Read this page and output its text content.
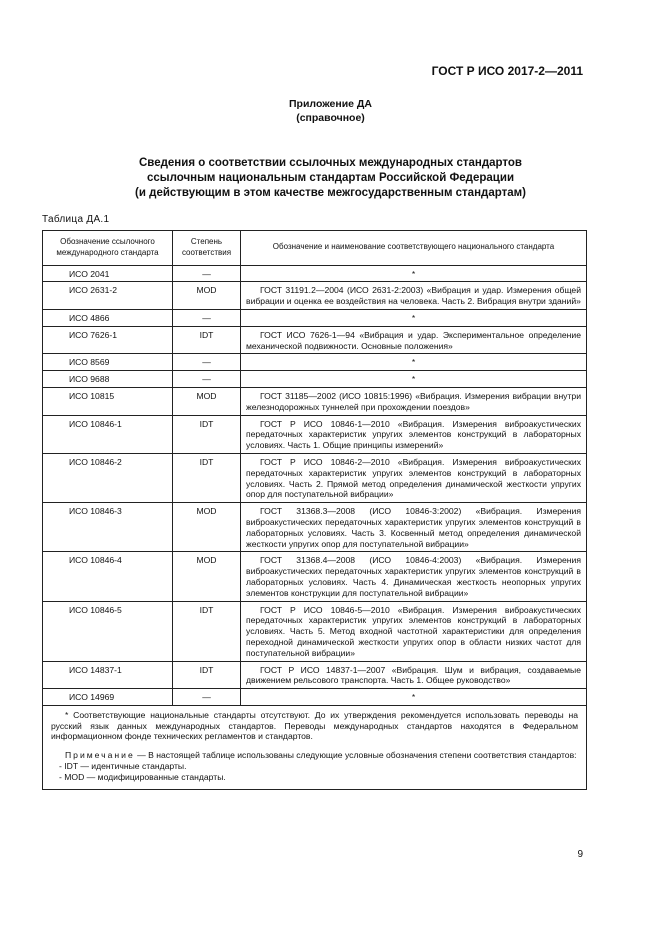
ГОСТ Р ИСО 2017-2—2011
Приложение ДА
(справочное)
Сведения о соответствии ссылочных международных стандартов
ссылочным национальным стандартам Российской Федерации
(и действующим в этом качестве межгосударственным стандартам)
Таблица ДА.1
Обозначение ссылочного международного стандарта	Степень соответствия	Обозначение и наименование соответствующего национального стандарта
ИСО 2041	—	*
ИСО 2631-2	MOD	ГОСТ 31191.2—2004 (ИСО 2631-2:2003) «Вибрация и удар. Измерения общей вибрации и оценка ее воздействия на человека. Часть 2. Вибрация внутри зданий»
ИСО 4866	—	*
ИСО 7626-1	IDT	ГОСТ ИСО 7626-1—94 «Вибрация и удар. Экспериментальное определение механической подвижности. Основные положения»
ИСО 8569	—	*
ИСО 9688	—	*
ИСО 10815	MOD	ГОСТ 31185—2002 (ИСО 10815:1996) «Вибрация. Измерения вибрации внутри железнодорожных туннелей при прохождении поездов»
ИСО 10846-1	IDT	ГОСТ Р ИСО 10846-1—2010 «Вибрация. Измерения виброакустических передаточных характеристик упругих элементов конструкций в лабораторных условиях. Часть 1. Общие принципы измерений»
ИСО 10846-2	IDT	ГОСТ Р ИСО 10846-2—2010 «Вибрация. Измерения виброакустических передаточных характеристик упругих элементов конструкций в лабораторных условиях. Часть 2. Прямой метод определения динамической жесткости упругих опор для поступательной вибрации»
ИСО 10846-3	MOD	ГОСТ 31368.3—2008 (ИСО 10846-3:2002) «Вибрация. Измерения виброакустических передаточных характеристик упругих элементов конструкций в лабораторных условиях. Часть 3. Косвенный метод определения динамической жесткости упругих опор для поступательной вибрации»
ИСО 10846-4	MOD	ГОСТ 31368.4—2008 (ИСО 10846-4:2003) «Вибрация. Измерения виброакустических передаточных характеристик упругих элементов конструкций в лабораторных условиях. Часть 4. Динамическая жесткость неопорных упругих элементов конструкции для поступательной вибрации»
ИСО 10846-5	IDT	ГОСТ Р ИСО 10846-5—2010 «Вибрация. Измерения виброакустических передаточных характеристик упругих элементов конструкций в лабораторных условиях. Часть 5. Метод входной частотной характеристики для определения переходной динамической жесткости упругих опор в области низких частот для поступательной вибрации»
ИСО 14837-1	IDT	ГОСТ Р ИСО 14837-1—2007 «Вибрация. Шум и вибрация, создаваемые движением рельсового транспорта. Часть 1. Общее руководство»
ИСО 14969	—	*

* Соответствующие национальные стандарты отсутствуют. До их утверждения рекомендуется использовать переводы на русский язык данных международных стандартов. Переводы международных стандартов находятся в Федеральном информационном фонде технических регламентов и стандартов.

Примечание — В настоящей таблице использованы следующие условные обозначения степени соответствия стандартов:

- IDT — идентичные стандарты.
- MOD — модифицированные стандарты.		
9
